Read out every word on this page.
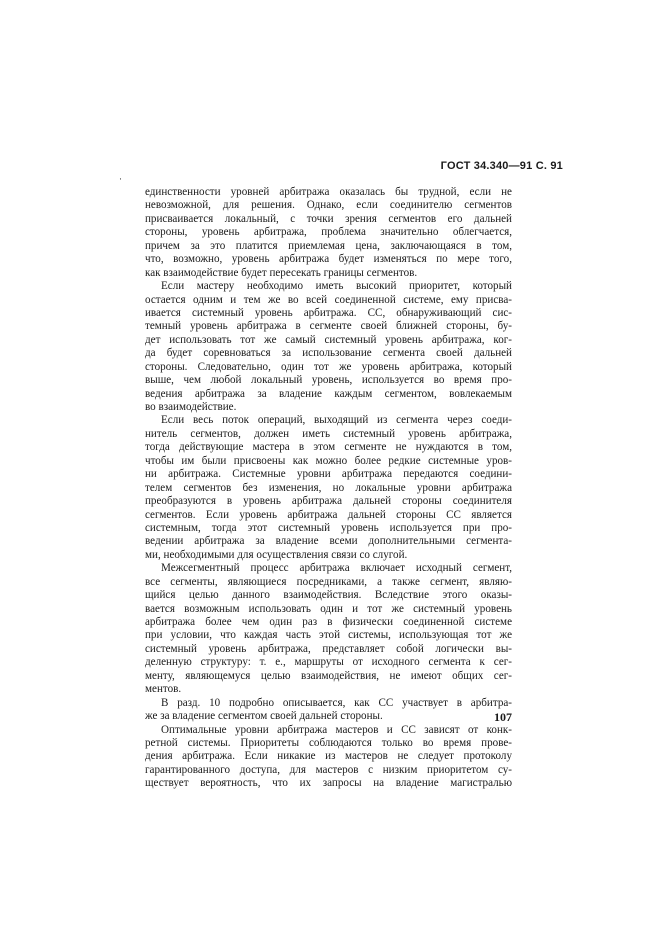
ГОСТ 34.340—91 С. 91
·
единственности уровней арбитража оказалась бы трудной, если не
невозможной, для решения. Однако, если соединителю сегментов
присваивается локальный, с точки зрения сегментов его дальней
стороны, уровень арбитража, проблема значительно облегчается,
причем за это платится приемлемая цена, заключающаяся в том,
что, возможно, уровень арбитража будет изменяться по мере того,
как взаимодействие будет пересекать границы сегментов.
Если мастеру необходимо иметь высокий приоритет, который
остается одним и тем же во всей соединенной системе, ему присва-
ивается системный уровень арбитража. СС, обнаруживающий сис-
темный уровень арбитража в сегменте своей ближней стороны, бу-
дет использовать тот же самый системный уровень арбитража, ког-
да будет соревноваться за использование сегмента своей дальней
стороны. Следовательно, один тот же уровень арбитража, который
выше, чем любой локальный уровень, используется во время про-
ведения арбитража за владение каждым сегментом, вовлекаемым
во взаимодействие.
Если весь поток операций, выходящий из сегмента через соеди-
нитель сегментов, должен иметь системный уровень арбитража,
тогда действующие мастера в этом сегменте не нуждаются в том,
чтобы им были присвоены как можно более редкие системные уров-
ни арбитража. Системные уровни арбитража передаются соедини-
телем сегментов без изменения, но локальные уровни арбитража
преобразуются в уровень арбитража дальней стороны соединителя
сегментов. Если уровень арбитража дальней стороны СС является
системным, тогда этот системный уровень используется при про-
ведении арбитража за владение всеми дополнительными сегмента-
ми, необходимыми для осуществления связи со слугой.
Межсегментный процесс арбитража включает исходный сегмент,
все сегменты, являющиеся посредниками, а также сегмент, являю-
щийся целью данного взаимодействия. Вследствие этого оказы-
вается возможным использовать один и тот же системный уровень
арбитража более чем один раз в физически соединенной системе
при условии, что каждая часть этой системы, использующая тот же
системный уровень арбитража, представляет собой логически вы-
деленную структуру: т. е., маршруты от исходного сегмента к сег-
менту, являющемуся целью взаимодействия, не имеют общих сег-
ментов.
В разд. 10 подробно описывается, как СС участвует в арбитра-
же за владение сегментом своей дальней стороны.
Оптимальные уровни арбитража мастеров и СС зависят от конк-
ретной системы. Приоритеты соблюдаются только во время прове-
дения арбитража. Если никакие из мастеров не следует протоколу
гарантированного доступа, для мастеров с низким приоритетом су-
ществует вероятность, что их запросы на владение магистралью
107
